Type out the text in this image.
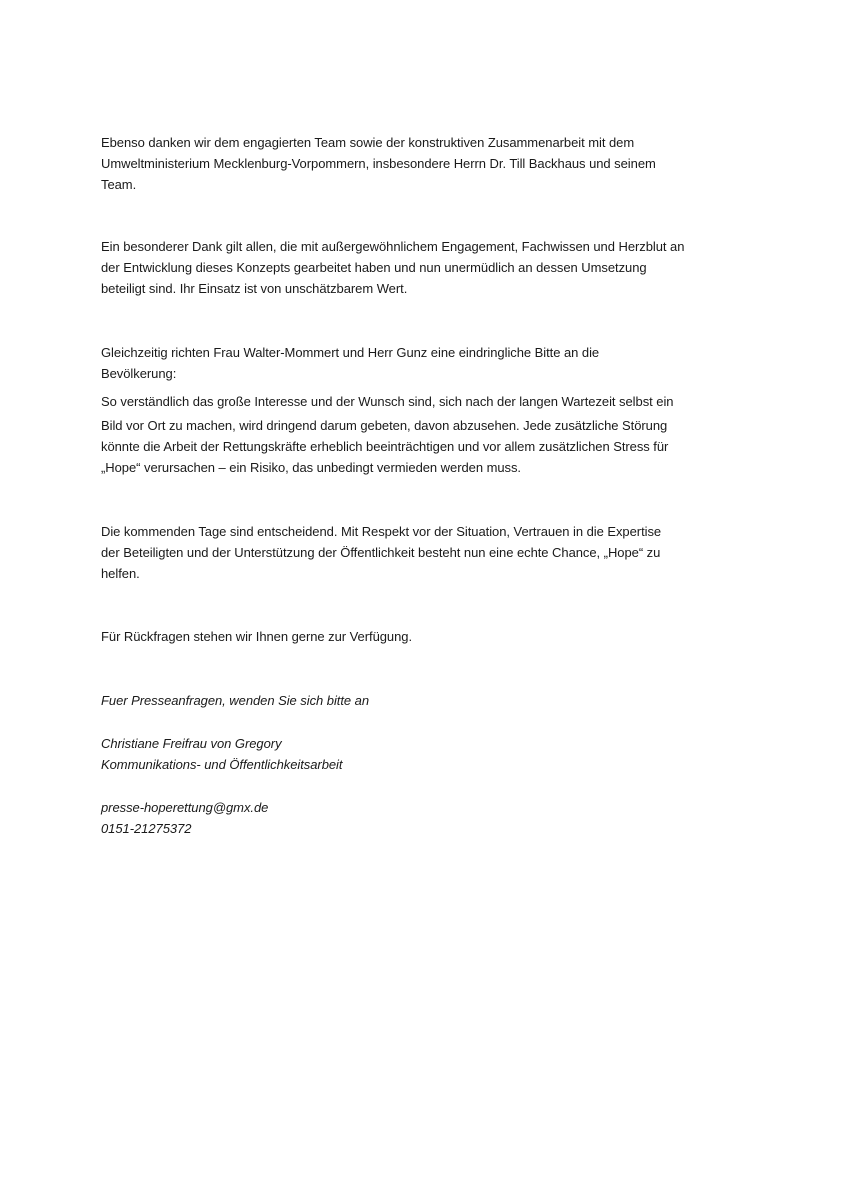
Ebenso danken wir dem engagierten Team sowie der konstruktiven Zusammenarbeit mit dem
Umweltministerium Mecklenburg-Vorpommern, insbesondere Herrn Dr. Till Backhaus und seinem
Team.
Ein besonderer Dank gilt allen, die mit außergewöhnlichem Engagement, Fachwissen und Herzblut an
der Entwicklung dieses Konzepts gearbeitet haben und nun unermüdlich an dessen Umsetzung
beteiligt sind. Ihr Einsatz ist von unschätzbarem Wert.
Gleichzeitig richten Frau Walter-Mommert und Herr Gunz eine eindringliche Bitte an die
Bevölkerung:
So verständlich das große Interesse und der Wunsch sind, sich nach der langen Wartezeit selbst ein
Bild vor Ort zu machen, wird dringend darum gebeten, davon abzusehen. Jede zusätzliche Störung
könnte die Arbeit der Rettungskräfte erheblich beeinträchtigen und vor allem zusätzlichen Stress für
„Hope“ verursachen – ein Risiko, das unbedingt vermieden werden muss.
Die kommenden Tage sind entscheidend. Mit Respekt vor der Situation, Vertrauen in die Expertise
der Beteiligten und der Unterstützung der Öffentlichkeit besteht nun eine echte Chance, „Hope“ zu
helfen.
Für Rückfragen stehen wir Ihnen gerne zur Verfügung.
Fuer Presseanfragen, wenden Sie sich bitte an
Christiane Freifrau von Gregory
Kommunikations- und Öffentlichkeitsarbeit
presse-hoperettung@gmx.de
0151-21275372
